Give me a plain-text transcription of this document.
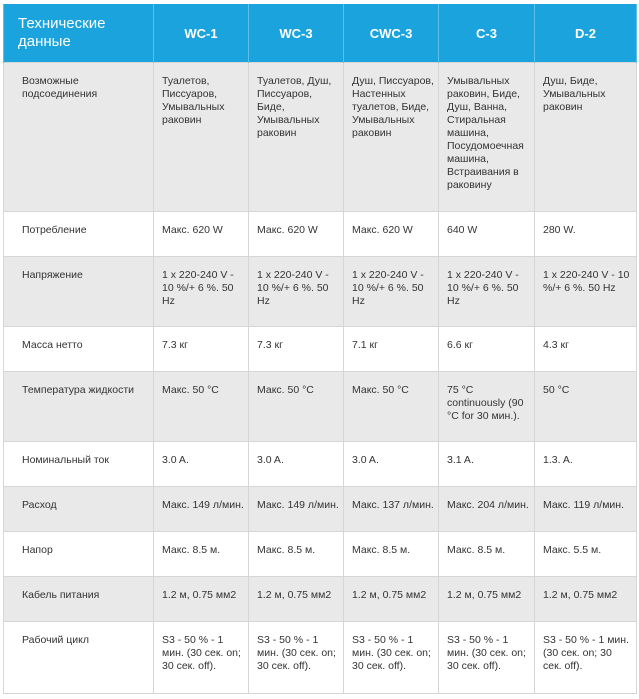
Технические данные	WC-1	WC-3	CWC-3	C-3	D-2
Возможные подсоединения	Туалетов, Писсуаров, Умывальных раковин	Туалетов, Душ, Писсуаров, Биде, Умывальных раковин	Душ, Писсуаров, Настенных туалетов, Биде, Умывальных раковин	Умывальных раковин, Биде, Душ, Ванна, Стиральная машина, Посудомоечная машина, Встраивания в раковину	Душ, Биде, Умывальных раковин
Потребление	Макс. 620 W	Макс. 620 W	Макс. 620 W	640 W	280 W.
Напряжение	1 x 220-240 V - 10 %/+ 6 %. 50 Hz	1 x 220-240 V - 10 %/+ 6 %. 50 Hz	1 x 220-240 V - 10 %/+ 6 %. 50 Hz	1 x 220-240 V - 10 %/+ 6 %. 50 Hz	1 x 220-240 V - 10 %/+ 6 %. 50 Hz
Масса нетто	7.3 кг	7.3 кг	7.1 кг	6.6 кг	4.3 кг
Температура жидкости	Макс. 50 °C	Макс. 50 °C	Макс. 50 °C	75 °C continuously (90 °C for 30 мин.).	50 °C
Номинальный ток	3.0 A.	3.0 A.	3.0 A.	3.1 A.	1.3. A.
Расход	Макс. 149 л/мин.	Макс. 149 л/мин.	Макс. 137 л/мин.	Макс. 204 л/мин.	Макс. 119 л/мин.
Напор	Макс. 8.5 м.	Макс. 8.5 м.	Макс. 8.5 м.	Макс. 8.5 м.	Макс. 5.5 м.
Кабель питания	1.2 м, 0.75 мм2	1.2 м, 0.75 мм2	1.2 м, 0.75 мм2	1.2 м, 0.75 мм2	1.2 м, 0.75 мм2
Рабочий цикл	S3 - 50 % - 1 мин. (30 сек. on; 30 сек. off).	S3 - 50 % - 1 мин. (30 сек. on; 30 сек. off).	S3 - 50 % - 1 мин. (30 сек. on; 30 сек. off).	S3 - 50 % - 1 мин. (30 сек. on; 30 сек. off).	S3 - 50 % - 1 мин. (30 сек. on; 30 сек. off).
